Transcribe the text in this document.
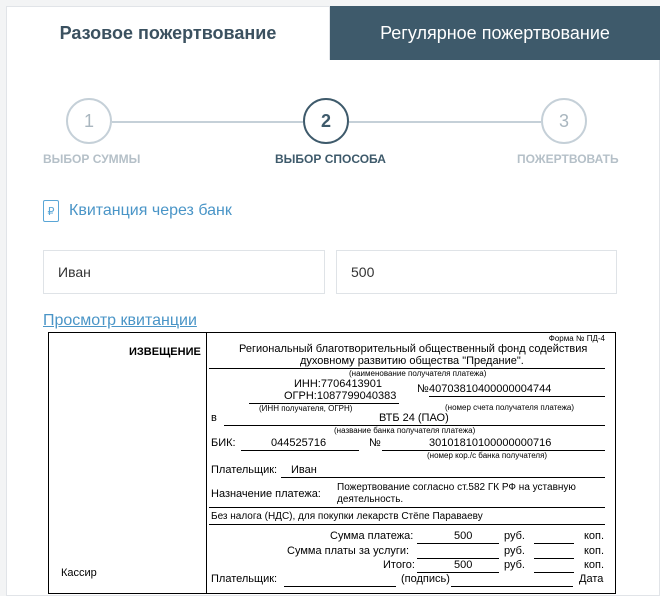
Разовое пожертвование	Регулярное пожертвование
1	2	3
ВЫБОР СУММЫ	ВЫБОР СПОСОБА	ПОЖЕРТВОВАТЬ
₽ Квитанция через банк
Иван	500
Просмотр квитанции
Форма № ПД-4
ИЗВЕЩЕНИЕ
Кассир
Региональный благотворительный общественный фонд содействия
духовному развитию общества "Предание".
(наименование получателя платежа)
ИНН:7706413901
ОГРН:1087799040383
(ИНН получателя, ОГРН)
№ 40703810400000004744
(номер счета получателя платежа)
в	ВТБ 24 (ПАО)
(название банка получателя платежа)
БИК:	044525716	№	30101810100000000716
(номер кор./с банка получателя)
Плательщик: Иван
Назначение платежа:
Пожертвование согласно ст.582 ГК РФ на уставную
деятельность.
Без налога (НДС), для покупки лекарств Стёпе Параваеву
Сумма платежа:	500	руб.	коп.
Сумма платы за услуги:	руб.	коп.
Итого:	500	руб.	коп.
Плательщик:	(подпись)	Дата
